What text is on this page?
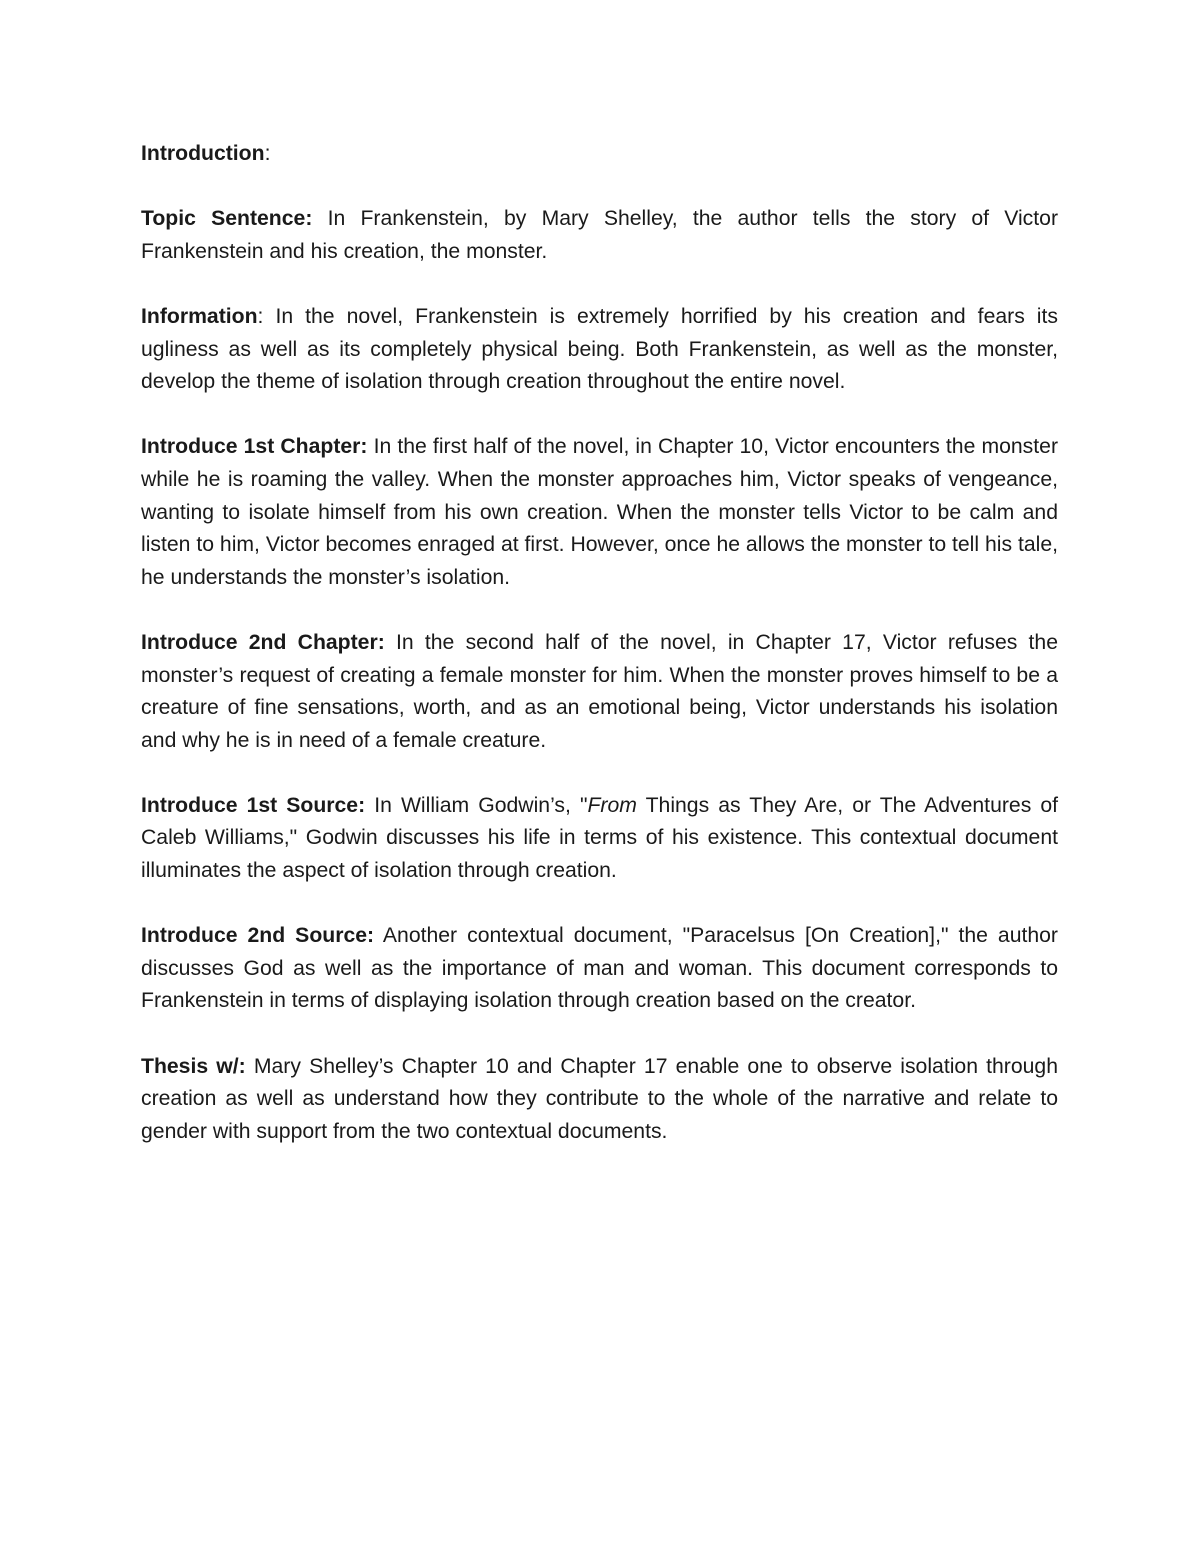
Introduction:

Topic Sentence: In Frankenstein, by Mary Shelley, the author tells the story of Victor Frankenstein and his creation, the monster.

Information: In the novel, Frankenstein is extremely horrified by his creation and fears its ugliness as well as its completely physical being. Both Frankenstein, as well as the monster, develop the theme of isolation through creation throughout the entire novel.

Introduce 1st Chapter: In the first half of the novel, in Chapter 10, Victor encounters the monster while he is roaming the valley. When the monster approaches him, Victor speaks of vengeance, wanting to isolate himself from his own creation. When the monster tells Victor to be calm and listen to him, Victor becomes enraged at first. However, once he allows the monster to tell his tale, he understands the monster’s isolation.

Introduce 2nd Chapter: In the second half of the novel, in Chapter 17, Victor refuses the monster’s request of creating a female monster for him. When the monster proves himself to be a creature of fine sensations, worth, and as an emotional being, Victor understands his isolation and why he is in need of a female creature.

Introduce 1st Source: In William Godwin’s, "From Things as They Are, or The Adventures of Caleb Williams," Godwin discusses his life in terms of his existence. This contextual document illuminates the aspect of isolation through creation.

Introduce 2nd Source: Another contextual document, "Paracelsus [On Creation]," the author discusses God as well as the importance of man and woman. This document corresponds to Frankenstein in terms of displaying isolation through creation based on the creator.

Thesis w/: Mary Shelley’s Chapter 10 and Chapter 17 enable one to observe isolation through creation as well as understand how they contribute to the whole of the narrative and relate to gender with support from the two contextual documents.
